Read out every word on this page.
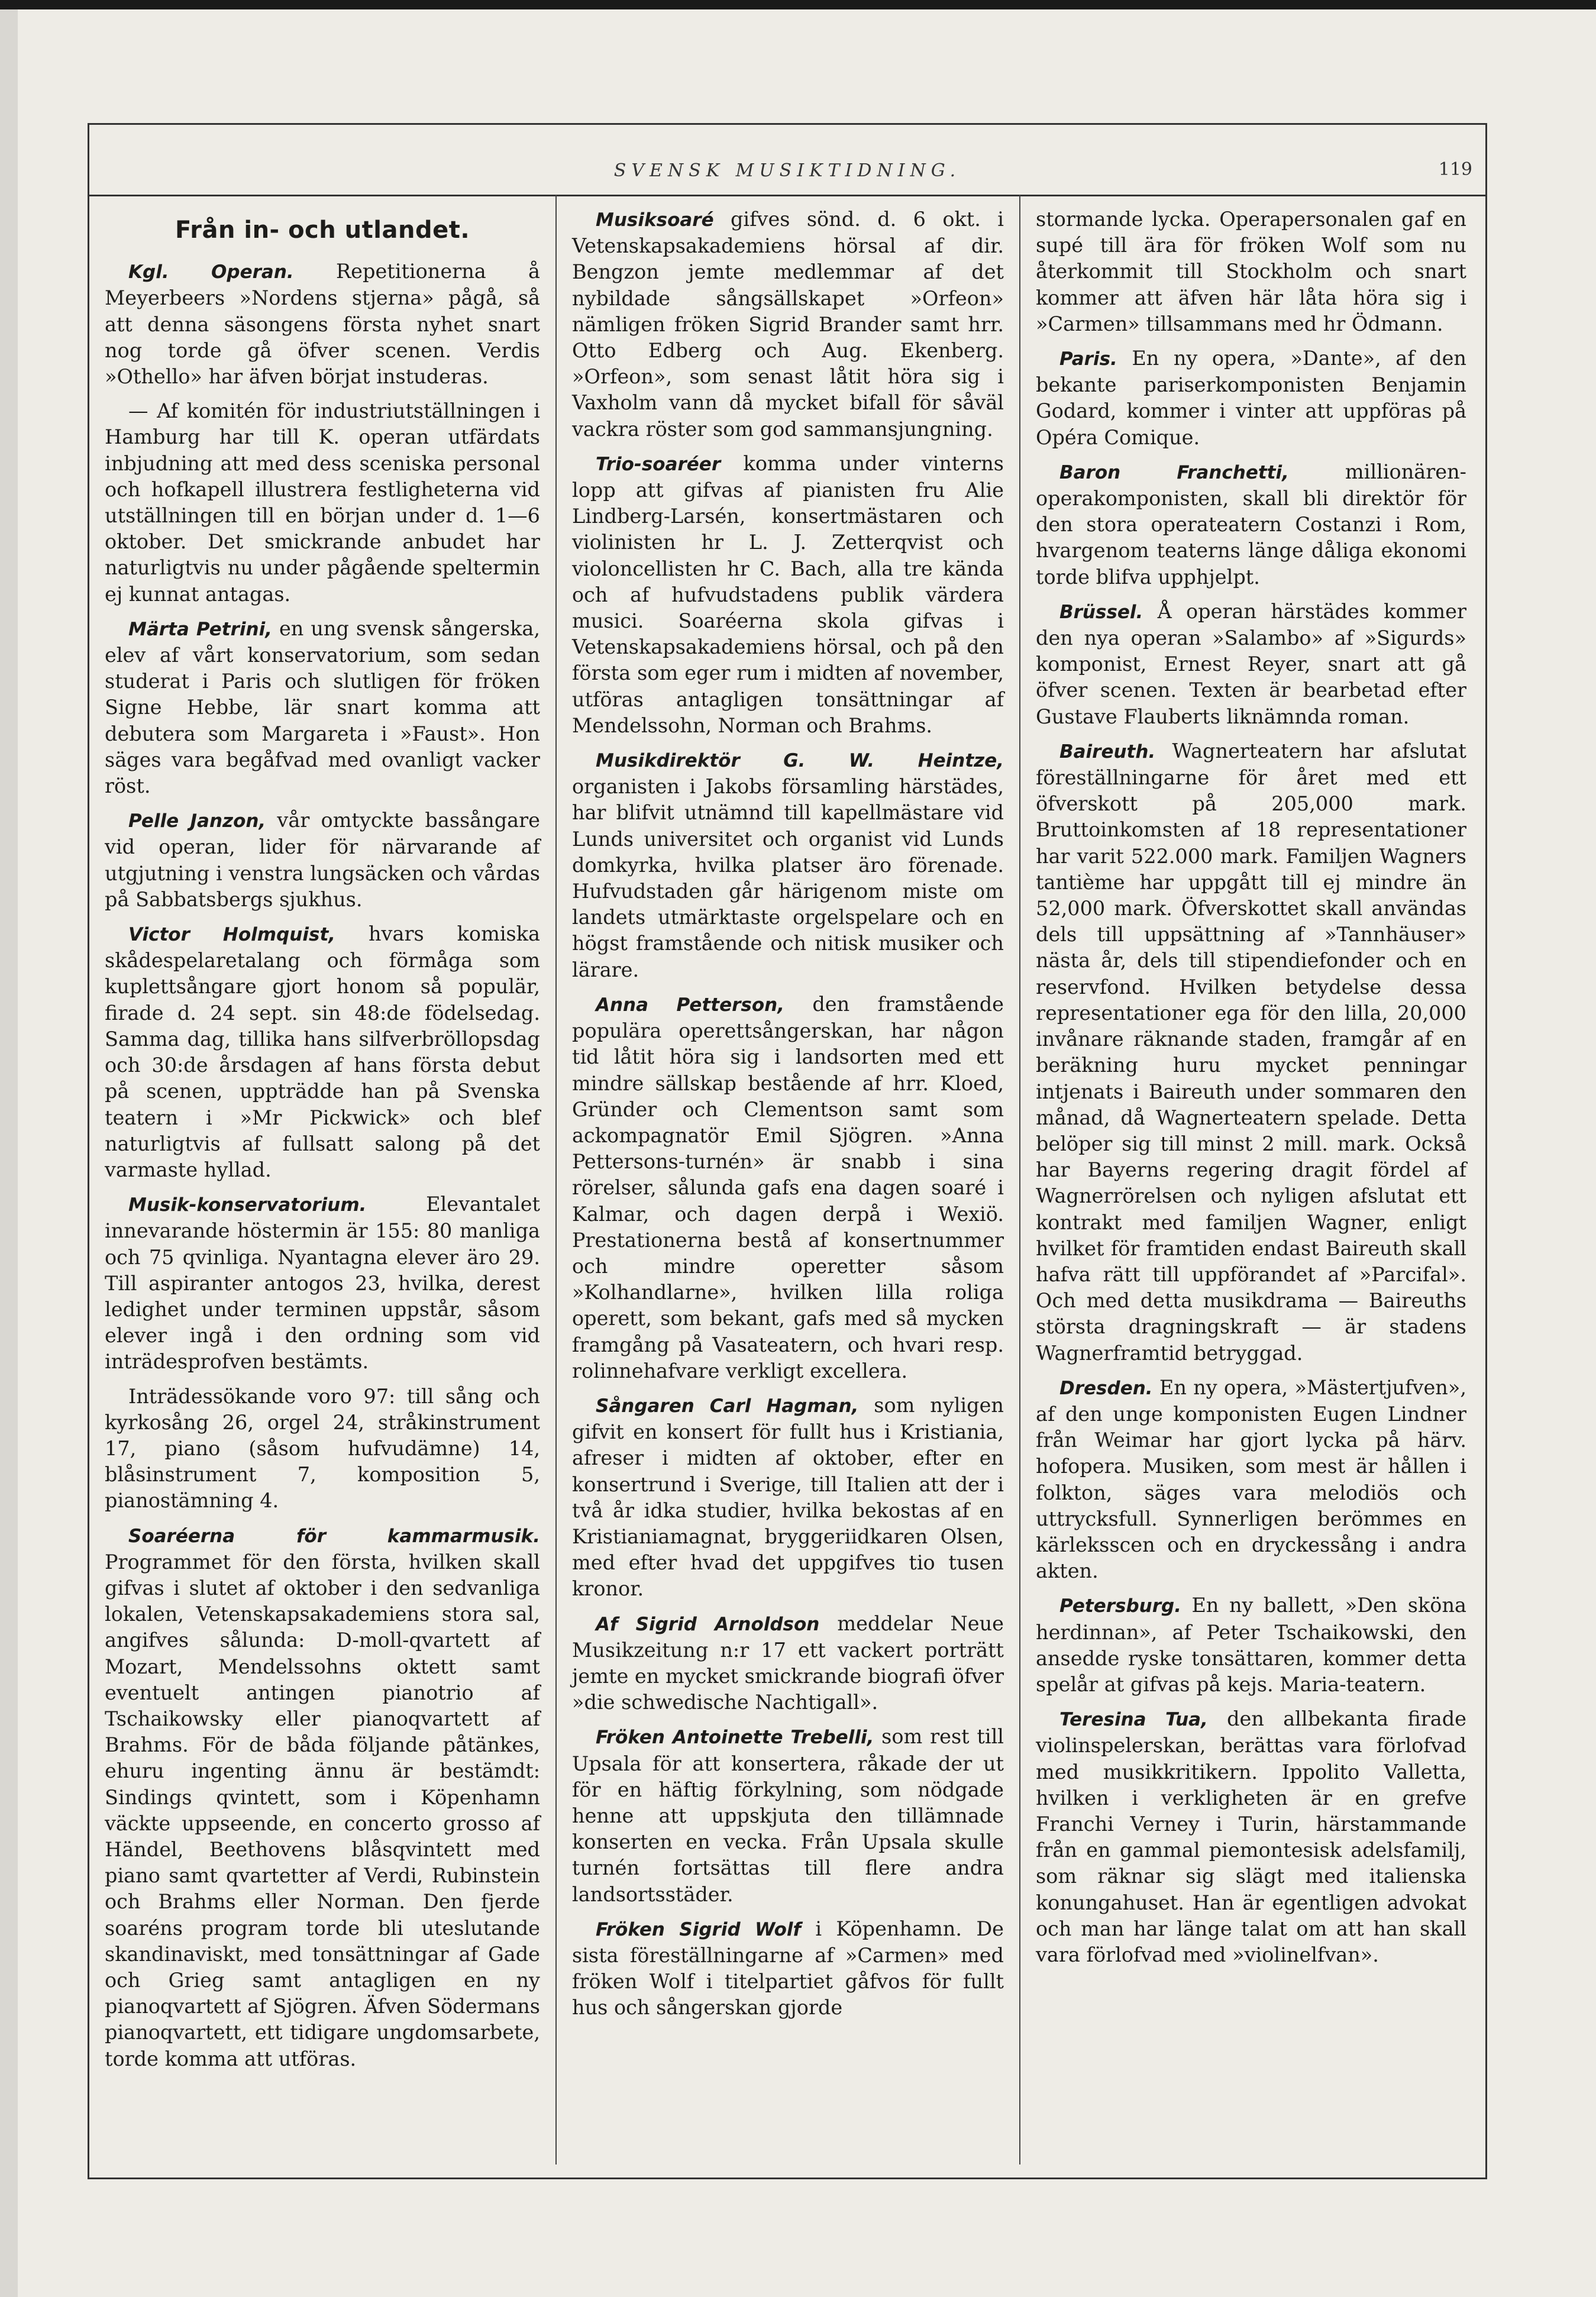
SVENSK MUSIKTIDNING.	119
Från in- och utlandet.

Kgl. Operan. Repetitionerna å Meyerbeers »Nordens stjerna» pågå, så att denna säsongens första nyhet snart nog torde gå öfver scenen. Verdis »Othello» har äfven börjat instuderas.

— Af komitén för industriutställningen i Hamburg har till K. operan utfärdats inbjudning att med dess sceniska personal och hofkapell illustrera festligheterna vid utställningen till en början under d. 1—6 oktober. Det smickrande anbudet har naturligtvis nu under pågående speltermin ej kunnat antagas.

Märta Petrini, en ung svensk sångerska, elev af vårt konservatorium, som sedan studerat i Paris och slutligen för fröken Signe Hebbe, lär snart komma att debutera som Margareta i »Faust». Hon säges vara begåfvad med ovanligt vacker röst.

Pelle Janzon, vår omtyckte bassångare vid operan, lider för närvarande af utgjutning i venstra lungsäcken och vårdas på Sabbatsbergs sjukhus.

Victor Holmquist, hvars komiska skådespelaretalang och förmåga som kuplettsångare gjort honom så populär, firade d. 24 sept. sin 48:de födelsedag. Samma dag, tillika hans silfverbröllopsdag och 30:de årsdagen af hans första debut på scenen, uppträdde han på Svenska teatern i »Mr Pickwick» och blef naturligtvis af fullsatt salong på det varmaste hyllad.

Musik-konservatorium. Elevantalet innevarande höstermin är 155: 80 manliga och 75 qvinliga. Nyantagna elever äro 29. Till aspiranter antogos 23, hvilka, derest ledighet under terminen uppstår, såsom elever ingå i den ordning som vid inträdesprofven bestämts.

Inträdessökande voro 97: till sång och kyrkosång 26, orgel 24, stråkinstrument 17, piano (såsom hufvudämne) 14, blåsinstrument 7, komposition 5, pianostämning 4.

Soaréerna för kammarmusik. Programmet för den första, hvilken skall gifvas i slutet af oktober i den sedvanliga lokalen, Vetenskapsakademiens stora sal, angifves sålunda: D-moll-qvartett af Mozart, Mendelssohns oktett samt eventuelt antingen pianotrio af Tschaikowsky eller pianoqvartett af Brahms. För de båda följande påtänkes, ehuru ingenting ännu är bestämdt: Sindings qvintett, som i Köpenhamn väckte uppseende, en concerto grosso af Händel, Beethovens blåsqvintett med piano samt qvartetter af Verdi, Rubinstein och Brahms eller Norman. Den fjerde soaréns program torde bli uteslutande skandinaviskt, med tonsättningar af Gade och Grieg samt antagligen en ny pianoqvartett af Sjögren. Äfven Södermans pianoqvartett, ett tidigare ungdomsarbete, torde komma att utföras.

Musiksoaré gifves sönd. d. 6 okt. i Vetenskapsakademiens hörsal af dir. Bengzon jemte medlemmar af det nybildade sångsällskapet »Orfeon» nämligen fröken Sigrid Brander samt hrr. Otto Edberg och Aug. Ekenberg. »Orfeon», som senast låtit höra sig i Vaxholm vann då mycket bifall för såväl vackra röster som god sammansjungning.

Trio-soaréer komma under vinterns lopp att gifvas af pianisten fru Alie Lindberg-Larsén, konsertmästaren och violinisten hr L. J. Zetterqvist och violoncellisten hr C. Bach, alla tre kända och af hufvudstadens publik värdera musici. Soaréerna skola gifvas i Vetenskapsakademiens hörsal, och på den första som eger rum i midten af november, utföras antagligen tonsättningar af Mendelssohn, Norman och Brahms.

Musikdirektör G. W. Heintze, organisten i Jakobs församling härstädes, har blifvit utnämnd till kapellmästare vid Lunds universitet och organist vid Lunds domkyrka, hvilka platser äro förenade. Hufvudstaden går härigenom miste om landets utmärktaste orgelspelare och en högst framstående och nitisk musiker och lärare.

Anna Petterson, den framstående populära operettsångerskan, har någon tid låtit höra sig i landsorten med ett mindre sällskap bestående af hrr. Kloed, Gründer och Clementson samt som ackompagnatör Emil Sjögren. »Anna Pettersons-turnén» är snabb i sina rörelser, sålunda gafs ena dagen soaré i Kalmar, och dagen derpå i Wexiö. Prestationerna bestå af konsertnummer och mindre operetter såsom »Kolhandlarne», hvilken lilla roliga operett, som bekant, gafs med så mycken framgång på Vasateatern, och hvari resp. rolinnehafvare verkligt excellera.

Sångaren Carl Hagman, som nyligen gifvit en konsert för fullt hus i Kristiania, afreser i midten af oktober, efter en konsertrund i Sverige, till Italien att der i två år idka studier, hvilka bekostas af en Kristianiamagnat, bryggeriidkaren Olsen, med efter hvad det uppgifves tio tusen kronor.

Af Sigrid Arnoldson meddelar Neue Musikzeitung n:r 17 ett vackert porträtt jemte en mycket smickrande biografi öfver »die schwedische Nachtigall».

Fröken Antoinette Trebelli, som rest till Upsala för att konsertera, råkade der ut för en häftig förkylning, som nödgade henne att uppskjuta den tillämnade konserten en vecka. Från Upsala skulle turnén fortsättas till flere andra landsortsstäder.

Fröken Sigrid Wolf i Köpenhamn. De sista föreställningarne af »Carmen» med fröken Wolf i titelpartiet gåfvos för fullt hus och sångerskan gjorde

stormande lycka. Operapersonalen gaf en supé till ära för fröken Wolf som nu återkommit till Stockholm och snart kommer att äfven här låta höra sig i »Carmen» tillsammans med hr Ödmann.

Paris. En ny opera, »Dante», af den bekante pariserkomponisten Benjamin Godard, kommer i vinter att uppföras på Opéra Comique.

Baron Franchetti, millionären-operakomponisten, skall bli direktör för den stora operateatern Costanzi i Rom, hvargenom teaterns länge dåliga ekonomi torde blifva upphjelpt.

Brüssel. Å operan härstädes kommer den nya operan »Salambo» af »Sigurds» komponist, Ernest Reyer, snart att gå öfver scenen. Texten är bearbetad efter Gustave Flauberts liknämnda roman.

Baireuth. Wagnerteatern har afslutat föreställningarne för året med ett öfverskott på 205,000 mark. Bruttoinkomsten af 18 representationer har varit 522.000 mark. Familjen Wagners tantième har uppgått till ej mindre än 52,000 mark. Öfverskottet skall användas dels till uppsättning af »Tannhäuser» nästa år, dels till stipendiefonder och en reservfond. Hvilken betydelse dessa representationer ega för den lilla, 20,000 invånare räknande staden, framgår af en beräkning huru mycket penningar intjenats i Baireuth under sommaren den månad, då Wagnerteatern spelade. Detta belöper sig till minst 2 mill. mark. Också har Bayerns regering dragit fördel af Wagnerrörelsen och nyligen afslutat ett kontrakt med familjen Wagner, enligt hvilket för framtiden endast Baireuth skall hafva rätt till uppförandet af »Parcifal». Och med detta musikdrama — Baireuths största dragningskraft — är stadens Wagnerframtid betryggad.

Dresden. En ny opera, »Mästertjufven», af den unge komponisten Eugen Lindner från Weimar har gjort lycka på härv. hofopera. Musiken, som mest är hållen i folkton, säges vara melodiös och uttrycksfull. Synnerligen berömmes en kärleksscen och en dryckessång i andra akten.

Petersburg. En ny ballett, »Den sköna herdinnan», af Peter Tschaikowski, den ansedde ryske tonsättaren, kommer detta spelår at gifvas på kejs. Maria-teatern.

Teresina Tua, den allbekanta firade violinspelerskan, berättas vara förlofvad med musikkritikern. Ippolito Valletta, hvilken i verkligheten är en grefve Franchi Verney i Turin, härstammande från en gammal piemontesisk adelsfamilj, som räknar sig slägt med italienska konungahuset. Han är egentligen advokat och man har länge talat om att han skall vara förlofvad med »violinelfvan».
